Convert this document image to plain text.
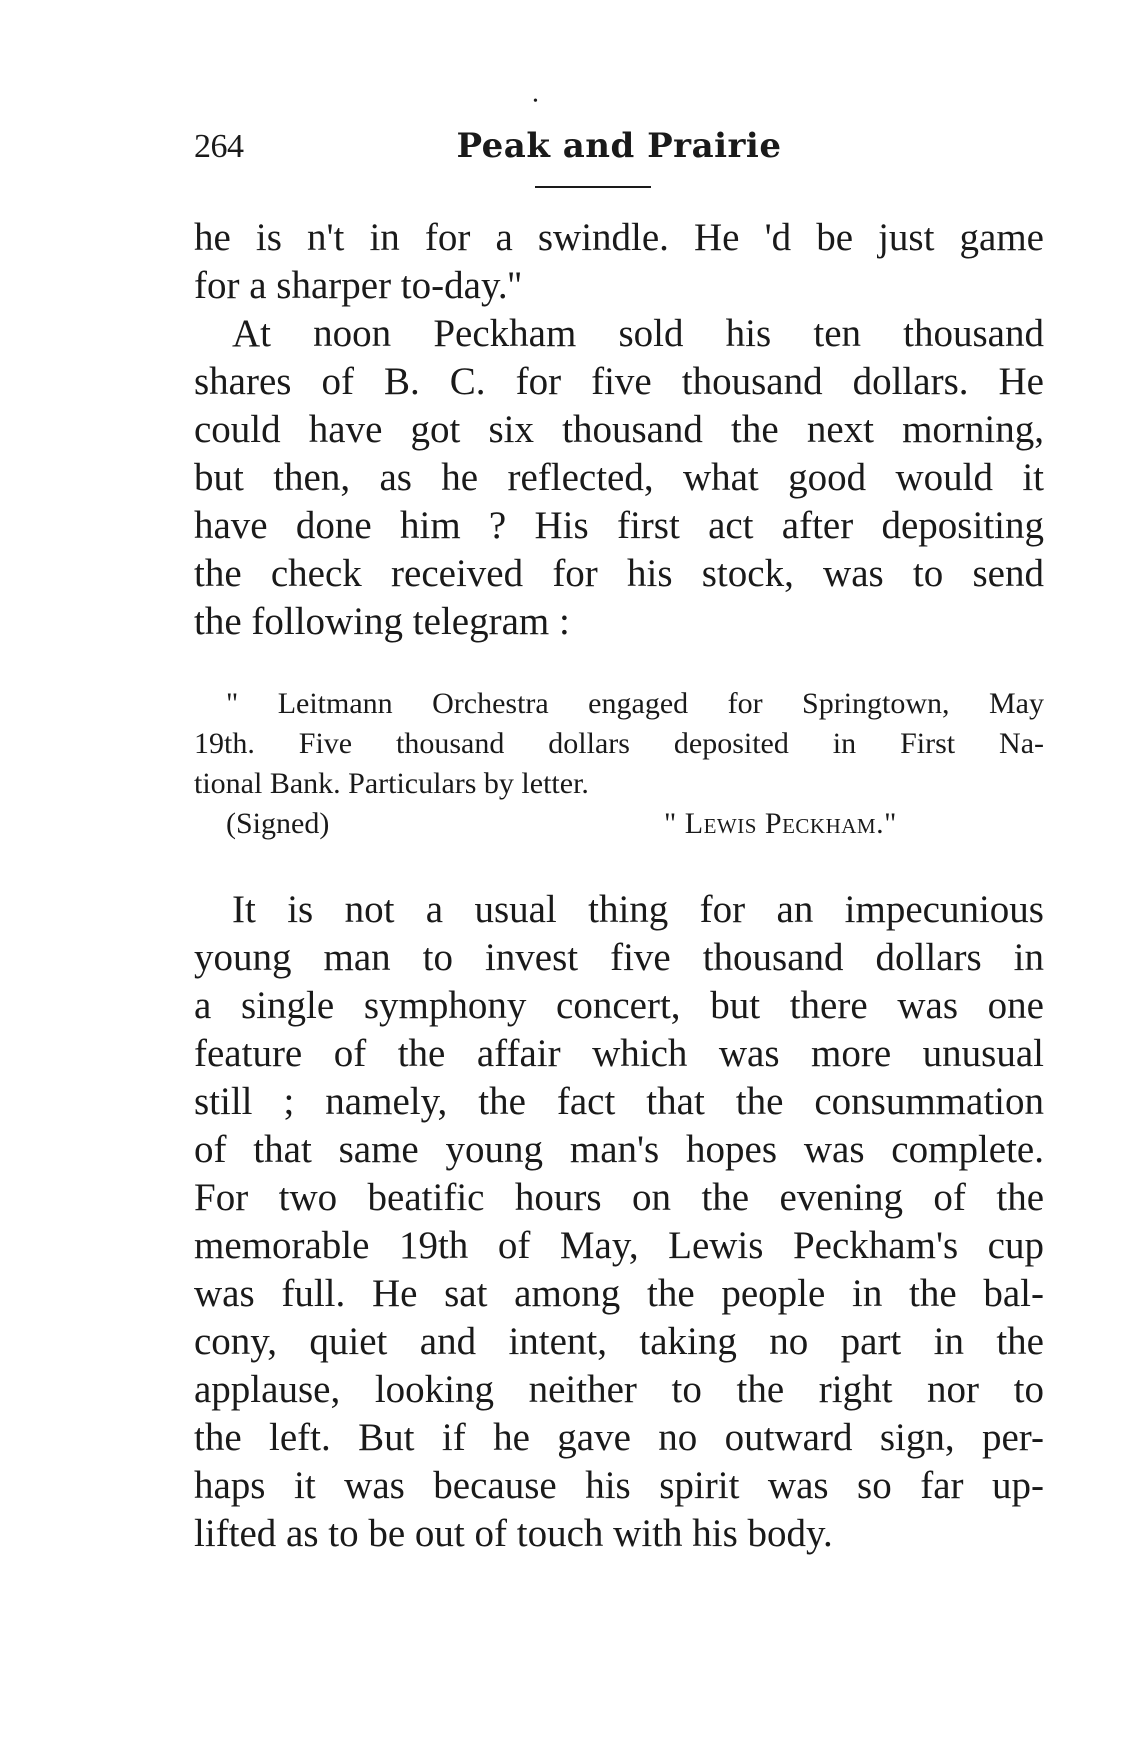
•
264	Peak and Prairie
he is n't in for a swindle. He 'd be just game
for a sharper to-day.''
At noon Peckham sold his ten thousand
shares of B. C. for five thousand dollars. He
could have got six thousand the next morning,
but then, as he reflected, what good would it
have done him ? His first act after depositing
the check received for his stock, was to send
the following telegram :
" Leitmann Orchestra engaged for Springtown, May
19th. Five thousand dollars deposited in First Na-
tional Bank. Particulars by letter.
(Signed)	" Lewis Peckham."
It is not a usual thing for an impecunious
young man to invest five thousand dollars in
a single symphony concert, but there was one
feature of the affair which was more unusual
still ; namely, the fact that the consummation
of that same young man's hopes was complete.
For two beatific hours on the evening of the
memorable 19th of May, Lewis Peckham's cup
was full. He sat among the people in the bal-
cony, quiet and intent, taking no part in the
applause, looking neither to the right nor to
the left. But if he gave no outward sign, per-
haps it was because his spirit was so far up-
lifted as to be out of touch with his body.
